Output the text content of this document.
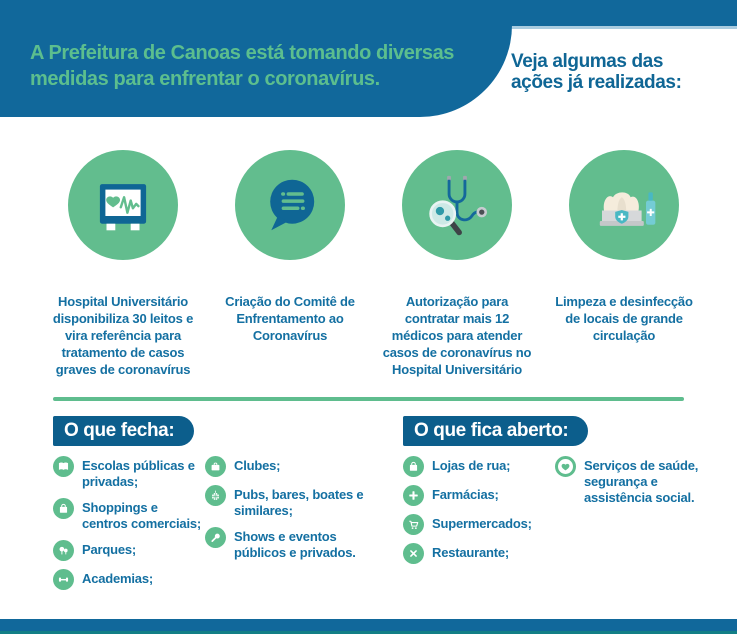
A Prefeitura de Canoas está tomando diversas
medidas para enfrentar o coronavírus.
Veja algumas das
ações já realizadas:
Hospital Universitário disponibiliza 30 leitos e vira referência para tratamento de casos graves de coronavírus
Criação do Comitê de Enfrentamento ao Coronavírus
Autorização para contratar mais 12 médicos para atender casos de coronavírus no Hospital Universitário
Limpeza e desinfecção de locais de grande circulação
O que fecha:
Escolas públicas e privadas;
Shoppings e centros comerciais;
Parques;
Academias;
Clubes;
Pubs, bares, boates e similares;
Shows e eventos públicos e privados.
O que fica aberto:
Lojas de rua;
Farmácias;
Supermercados;
Restaurante;
Serviços de saúde, segurança e assistência social.
